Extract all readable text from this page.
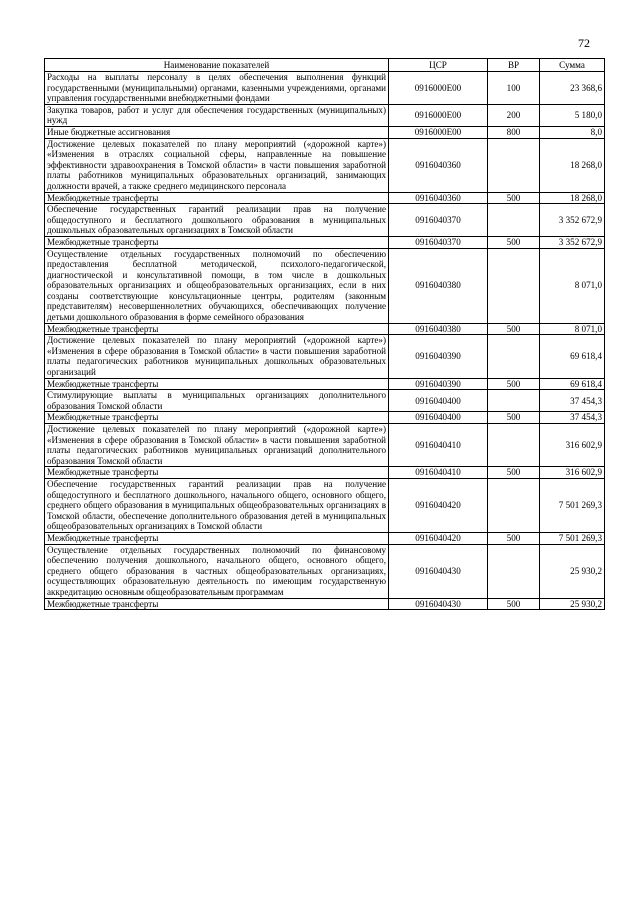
72
Наименование показателей	ЦСР	ВР	Сумма
Расходы на выплаты персоналу в целях обеспечения выполнения функций государственными (муниципальными) органами, казенными учреждениями, органами управления государственными внебюджетными фондами	0916000Е00	100	23 368,6
Закупка товаров, работ и услуг для обеспечения государственных (муниципальных) нужд	0916000Е00	200	5 180,0
Иные бюджетные ассигнования	0916000Е00	800	8,0
Достижение целевых показателей по плану мероприятий («дорожной карте») «Изменения в отраслях социальной сферы, направленные на повышение эффективности здравоохранения в Томской области» в части повышения заработной платы работников муниципальных образовательных организаций, занимающих должности врачей, а также среднего медицинского персонала	0916040360		18 268,0
Межбюджетные трансферты	0916040360	500	18 268,0
Обеспечение государственных гарантий реализации прав на получение общедоступного и бесплатного дошкольного образования в муниципальных дошкольных образовательных организациях в Томской области	0916040370		3 352 672,9
Межбюджетные трансферты	0916040370	500	3 352 672,9
Осуществление отдельных государственных полномочий по обеспечению предоставления бесплатной методической, психолого-педагогической, диагностической и консультативной помощи, в том числе в дошкольных образовательных организациях и общеобразовательных организациях, если в них созданы соответствующие консультационные центры, родителям (законным представителям) несовершеннолетних обучающихся, обеспечивающих получение детьми дошкольного образования в форме семейного образования	0916040380		8 071,0
Межбюджетные трансферты	0916040380	500	8 071,0
Достижение целевых показателей по плану мероприятий («дорожной карте») «Изменения в сфере образования в Томской области» в части повышения заработной платы педагогических работников муниципальных дошкольных образовательных организаций	0916040390		69 618,4
Межбюджетные трансферты	0916040390	500	69 618,4
Стимулирующие выплаты в муниципальных организациях дополнительного образования Томской области	0916040400		37 454,3
Межбюджетные трансферты	0916040400	500	37 454,3
Достижение целевых показателей по плану мероприятий («дорожной карте») «Изменения в сфере образования в Томской области» в части повышения заработной платы педагогических работников муниципальных организаций дополнительного образования Томской области	0916040410		316 602,9
Межбюджетные трансферты	0916040410	500	316 602,9
Обеспечение государственных гарантий реализации прав на получение общедоступного и бесплатного дошкольного, начального общего, основного общего, среднего общего образования в муниципальных общеобразовательных организациях в Томской области, обеспечение дополнительного образования детей в муниципальных общеобразовательных организациях в Томской области	0916040420		7 501 269,3
Межбюджетные трансферты	0916040420	500	7 501 269,3
Осуществление отдельных государственных полномочий по финансовому обеспечению получения дошкольного, начального общего, основного общего, среднего общего образования в частных общеобразовательных организациях, осуществляющих образовательную деятельность по имеющим государственную аккредитацию основным общеобразовательным программам	0916040430		25 930,2
Межбюджетные трансферты	0916040430	500	25 930,2
